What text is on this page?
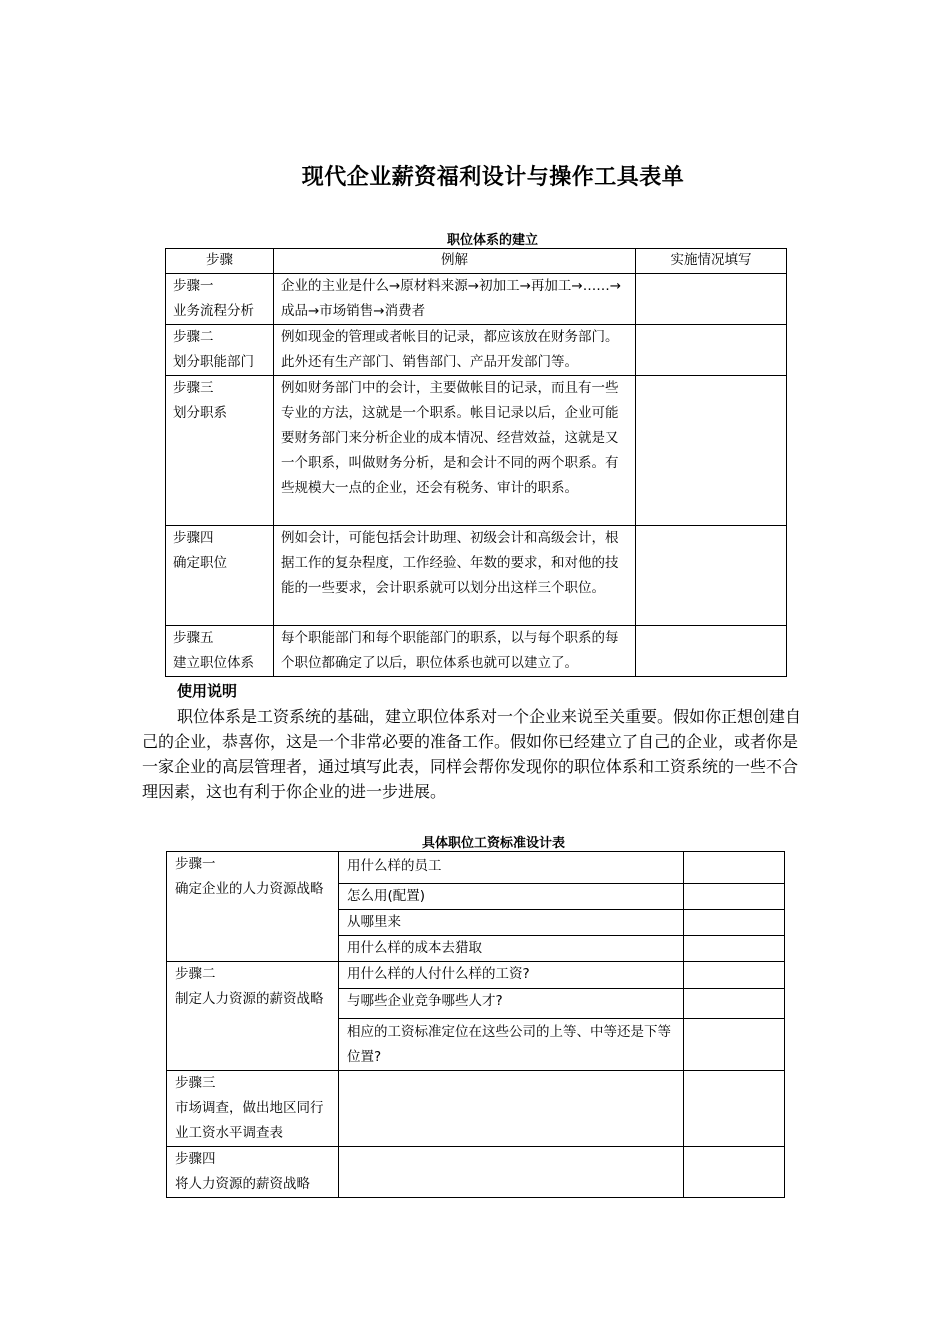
现代企业薪资福利设计与操作工具表单
职位体系的建立
步骤	例解	实施情况填写

步骤一
业务流程分析	企业的主业是什么→原材料来源→初加工→再加工→……→成品→市场销售→消费者	

步骤二
划分职能部门	例如现金的管理或者帐目的记录，都应该放在财务部门。此外还有生产部门、销售部门、产品开发部门等。	

步骤三
划分职系	例如财务部门中的会计，主要做帐目的记录，而且有一些专业的方法，这就是一个职系。帐目记录以后，企业可能要财务部门来分析企业的成本情况、经营效益，这就是又一个职系，叫做财务分析，是和会计不同的两个职系。有些规模大一点的企业，还会有税务、审计的职系。	

步骤四
确定职位	例如会计，可能包括会计助理、初级会计和高级会计，根据工作的复杂程度，工作经验、年数的要求，和对他的技能的一些要求，会计职系就可以划分出这样三个职位。	

步骤五
建立职位体系	每个职能部门和每个职能部门的职系，以与每个职系的每个职位都确定了以后，职位体系也就可以建立了。	
使用说明
职位体系是工资系统的基础，建立职位体系对一个企业来说至关重要。假如你正想创建自己的企业，恭喜你，这是一个非常必要的准备工作。假如你已经建立了自己的企业，或者你是一家企业的高层管理者，通过填写此表，同样会帮你发现你的职位体系和工资系统的一些不合理因素，这也有利于你企业的进一步进展。
具体职位工资标准设计表
步骤一
确定企业的人力资源战略	用什么样的员工	
	怎么用(配置)	
	从哪里来	
	用什么样的成本去猎取	

步骤二
制定人力资源的薪资战略	用什么样的人付什么样的工资?	
	与哪些企业竞争哪些人才?	
	相应的工资标准定位在这些公司的上等、中等还是下等位置?	

步骤三
市场调查，做出地区同行业工资水平调查表		

步骤四
将人力资源的薪资战略		
